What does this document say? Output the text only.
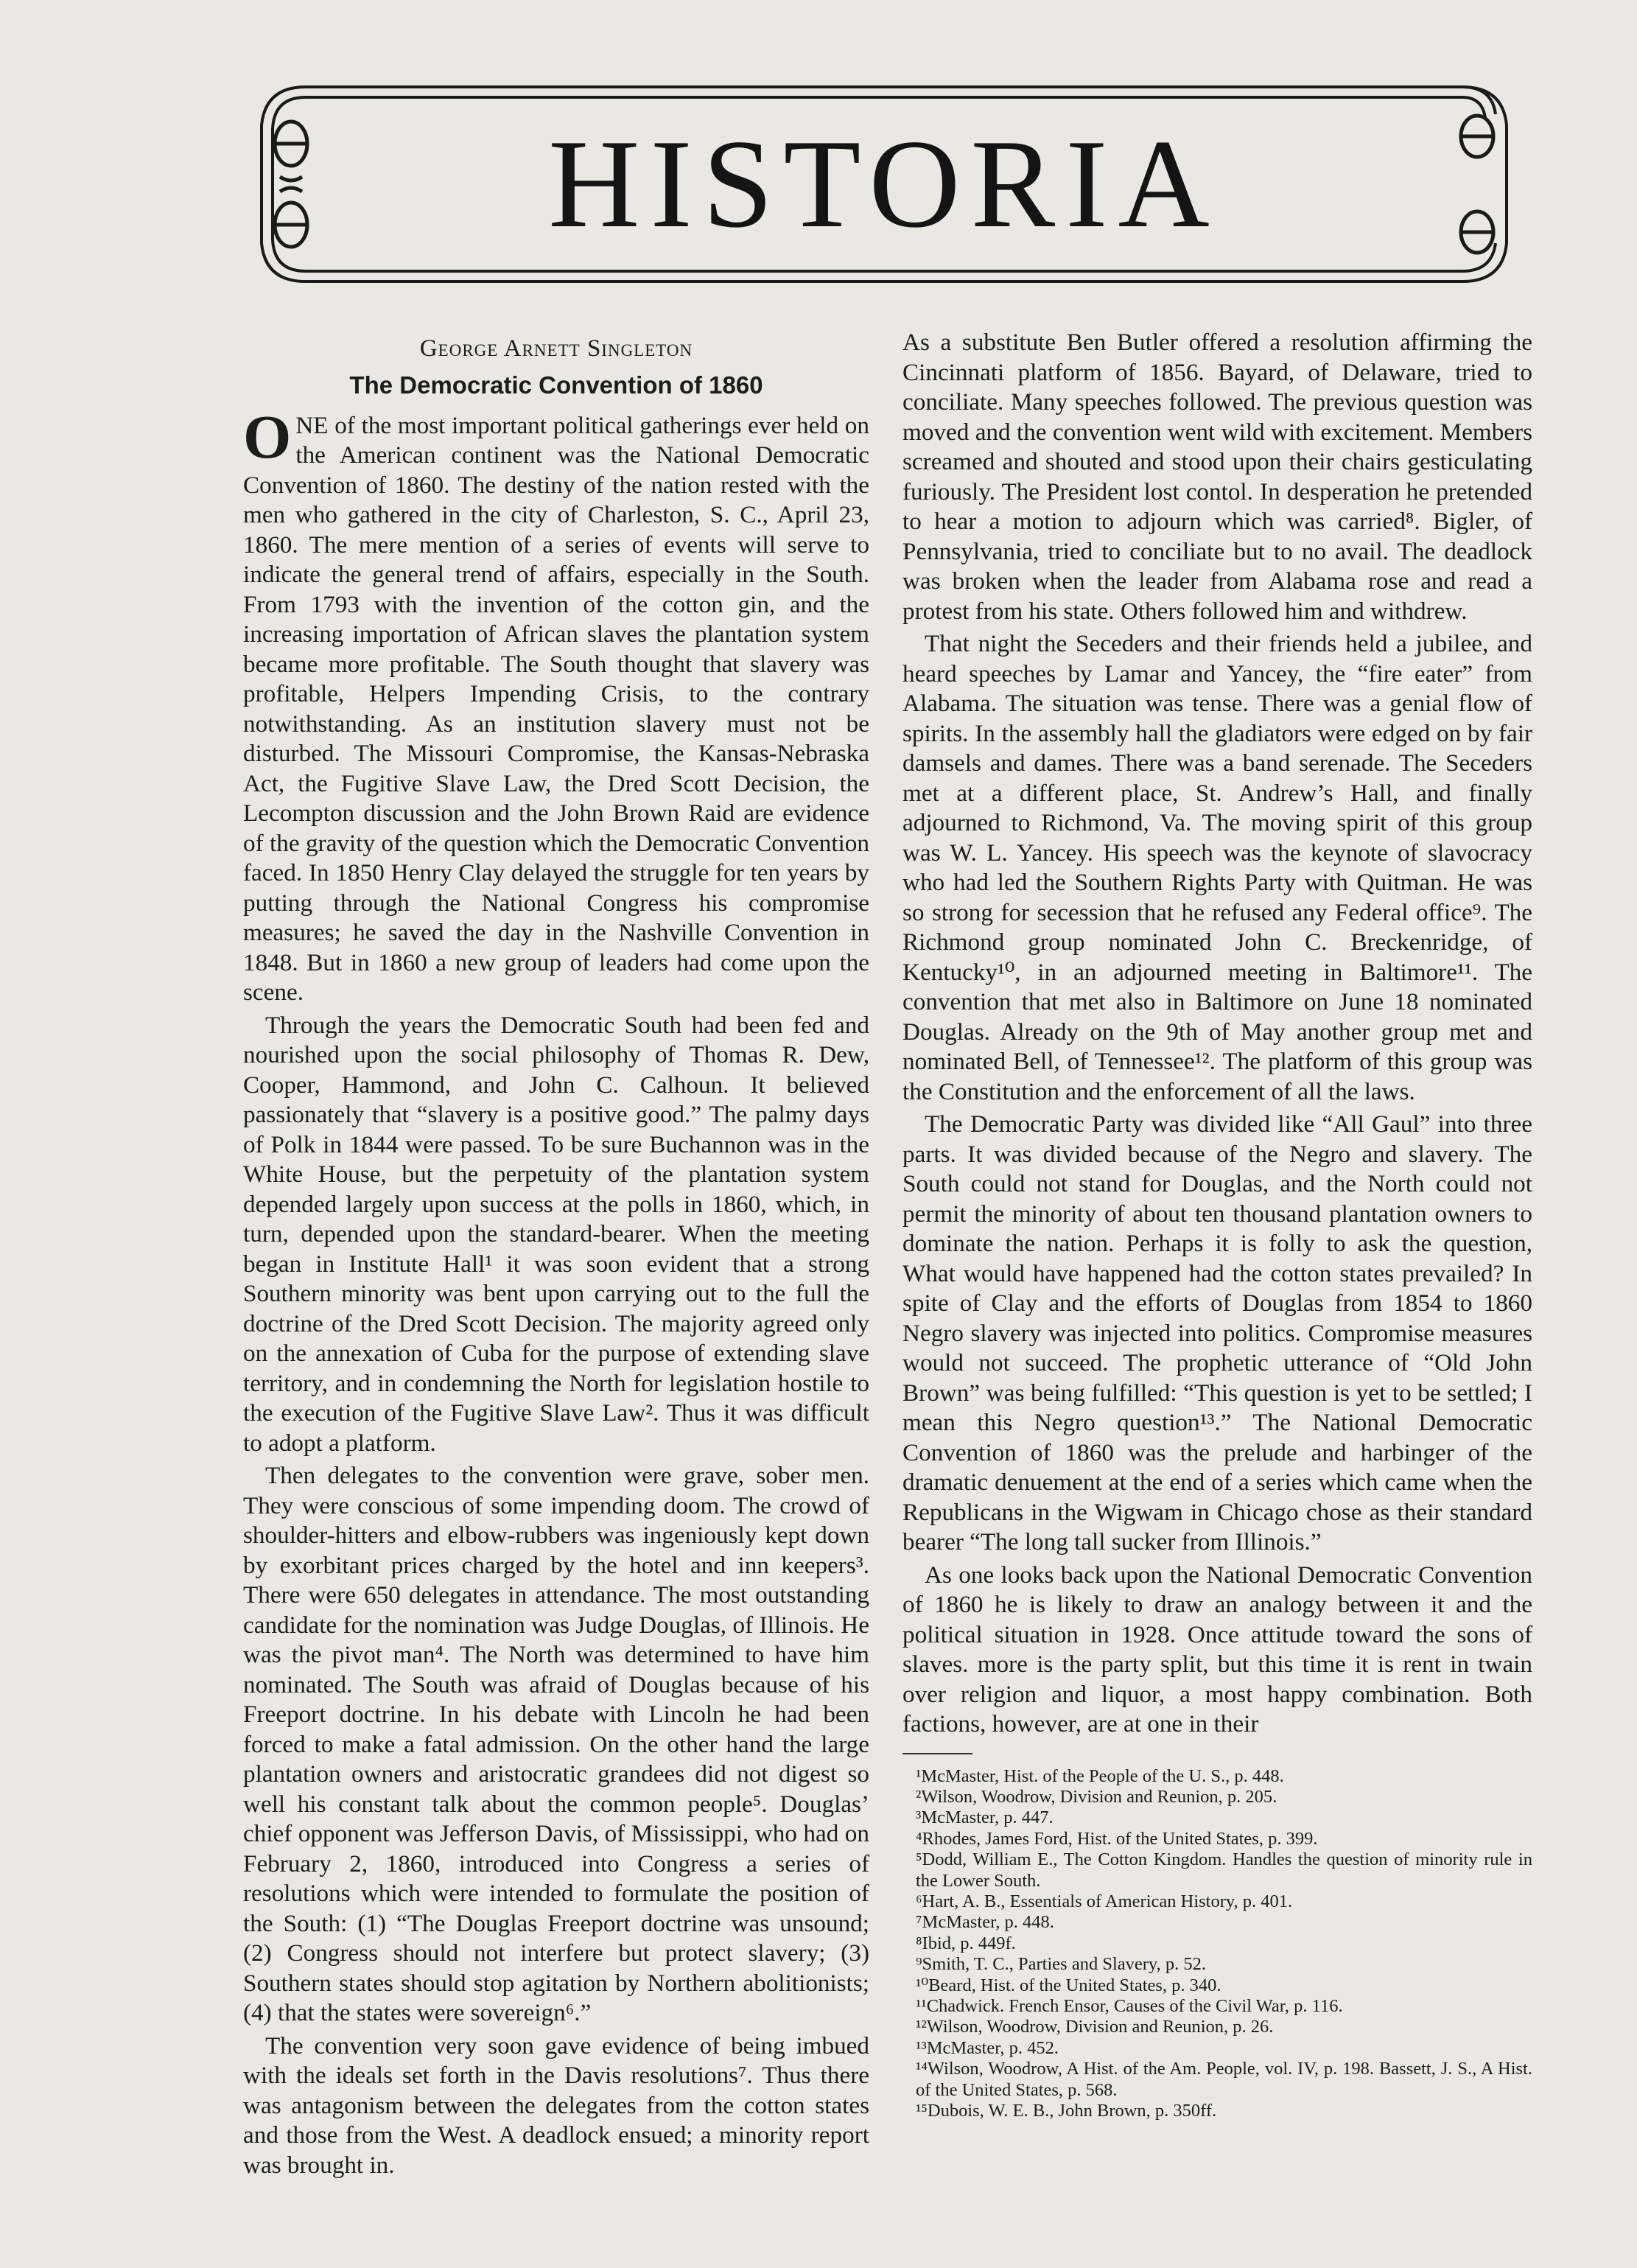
HISTORIA
George Arnett Singleton
The Democratic Convention of 1860

ONE of the most important political gatherings ever held on the American continent was the National Democratic Convention of 1860. The destiny of the nation rested with the men who gathered in the city of Charleston, S. C., April 23, 1860. The mere mention of a series of events will serve to indicate the general trend of affairs, especially in the South. From 1793 with the invention of the cotton gin, and the increasing importation of African slaves the plantation system became more profitable. The South thought that slavery was profitable, Helpers Impending Crisis, to the contrary notwithstanding. As an institution slavery must not be disturbed. The Missouri Compromise, the Kansas-Nebraska Act, the Fugitive Slave Law, the Dred Scott Decision, the Lecompton discussion and the John Brown Raid are evidence of the gravity of the question which the Democratic Convention faced. In 1850 Henry Clay delayed the struggle for ten years by putting through the National Congress his compromise measures; he saved the day in the Nashville Convention in 1848. But in 1860 a new group of leaders had come upon the scene.

Through the years the Democratic South had been fed and nourished upon the social philosophy of Thomas R. Dew, Cooper, Hammond, and John C. Calhoun. It believed passionately that “slavery is a positive good.” The palmy days of Polk in 1844 were passed. To be sure Buchannon was in the White House, but the perpetuity of the plantation system depended largely upon success at the polls in 1860, which, in turn, depended upon the standard-bearer. When the meeting began in Institute Hall¹ it was soon evident that a strong Southern minority was bent upon carrying out to the full the doctrine of the Dred Scott Decision. The majority agreed only on the annexation of Cuba for the purpose of extending slave territory, and in condemning the North for legislation hostile to the execution of the Fugitive Slave Law². Thus it was difficult to adopt a platform.

Then delegates to the convention were grave, sober men. They were conscious of some impending doom. The crowd of shoulder-hitters and elbow-rubbers was ingeniously kept down by exorbitant prices charged by the hotel and inn keepers³. There were 650 delegates in attendance. The most outstanding candidate for the nomination was Judge Douglas, of Illinois. He was the pivot man⁴. The North was determined to have him nominated. The South was afraid of Douglas because of his Freeport doctrine. In his debate with Lincoln he had been forced to make a fatal admission. On the other hand the large plantation owners and aristocratic grandees did not digest so well his constant talk about the common people⁵. Douglas’ chief opponent was Jefferson Davis, of Mississippi, who had on February 2, 1860, introduced into Congress a series of resolutions which were intended to formulate the position of the South: (1) “The Douglas Freeport doctrine was unsound; (2) Congress should not interfere but protect slavery; (3) Southern states should stop agitation by Northern abolitionists; (4) that the states were sovereign⁶.”

The convention very soon gave evidence of being imbued with the ideals set forth in the Davis resolutions⁷. Thus there was antagonism between the delegates from the cotton states and those from the West. A deadlock ensued; a minority report was brought in.

As a substitute Ben Butler offered a resolution affirming the Cincinnati platform of 1856. Bayard, of Delaware, tried to conciliate. Many speeches followed. The previous question was moved and the convention went wild with excitement. Members screamed and shouted and stood upon their chairs gesticulating furiously. The President lost contol. In desperation he pretended to hear a motion to adjourn which was carried⁸. Bigler, of Pennsylvania, tried to conciliate but to no avail. The deadlock was broken when the leader from Alabama rose and read a protest from his state. Others followed him and withdrew.

That night the Seceders and their friends held a jubilee, and heard speeches by Lamar and Yancey, the “fire eater” from Alabama. The situation was tense. There was a genial flow of spirits. In the assembly hall the gladiators were edged on by fair damsels and dames. There was a band serenade. The Seceders met at a different place, St. Andrew’s Hall, and finally adjourned to Richmond, Va. The moving spirit of this group was W. L. Yancey. His speech was the keynote of slavocracy who had led the Southern Rights Party with Quitman. He was so strong for secession that he refused any Federal office⁹. The Richmond group nominated John C. Breckenridge, of Kentucky¹⁰, in an adjourned meeting in Baltimore¹¹. The convention that met also in Baltimore on June 18 nominated Douglas. Already on the 9th of May another group met and nominated Bell, of Tennessee¹². The platform of this group was the Constitution and the enforcement of all the laws.

The Democratic Party was divided like “All Gaul” into three parts. It was divided because of the Negro and slavery. The South could not stand for Douglas, and the North could not permit the minority of about ten thousand plantation owners to dominate the nation. Perhaps it is folly to ask the question, What would have happened had the cotton states prevailed? In spite of Clay and the efforts of Douglas from 1854 to 1860 Negro slavery was injected into politics. Compromise measures would not succeed. The prophetic utterance of “Old John Brown” was being fulfilled: “This question is yet to be settled; I mean this Negro question¹³.” The National Democratic Convention of 1860 was the prelude and harbinger of the dramatic denuement at the end of a series which came when the Republicans in the Wigwam in Chicago chose as their standard bearer “The long tall sucker from Illinois.”

As one looks back upon the National Democratic Convention of 1860 he is likely to draw an analogy between it and the political situation in 1928. Once attitude toward the sons of slaves. more is the party split, but this time it is rent in twain over religion and liquor, a most happy combination. Both factions, however, are at one in their

¹McMaster, Hist. of the People of the U. S., p. 448.

²Wilson, Woodrow, Division and Reunion, p. 205.

³McMaster, p. 447.

⁴Rhodes, James Ford, Hist. of the United States, p. 399.

⁵Dodd, William E., The Cotton Kingdom. Handles the question of minority rule in the Lower South.

⁶Hart, A. B., Essentials of American History, p. 401.

⁷McMaster, p. 448.

⁸Ibid, p. 449f.

⁹Smith, T. C., Parties and Slavery, p. 52.

¹⁰Beard, Hist. of the United States, p. 340.

¹¹Chadwick. French Ensor, Causes of the Civil War, p. 116.

¹²Wilson, Woodrow, Division and Reunion, p. 26.

¹³McMaster, p. 452.

¹⁴Wilson, Woodrow, A Hist. of the Am. People, vol. IV, p. 198. Bassett, J. S., A Hist. of the United States, p. 568.

¹⁵Dubois, W. E. B., John Brown, p. 350ff.
